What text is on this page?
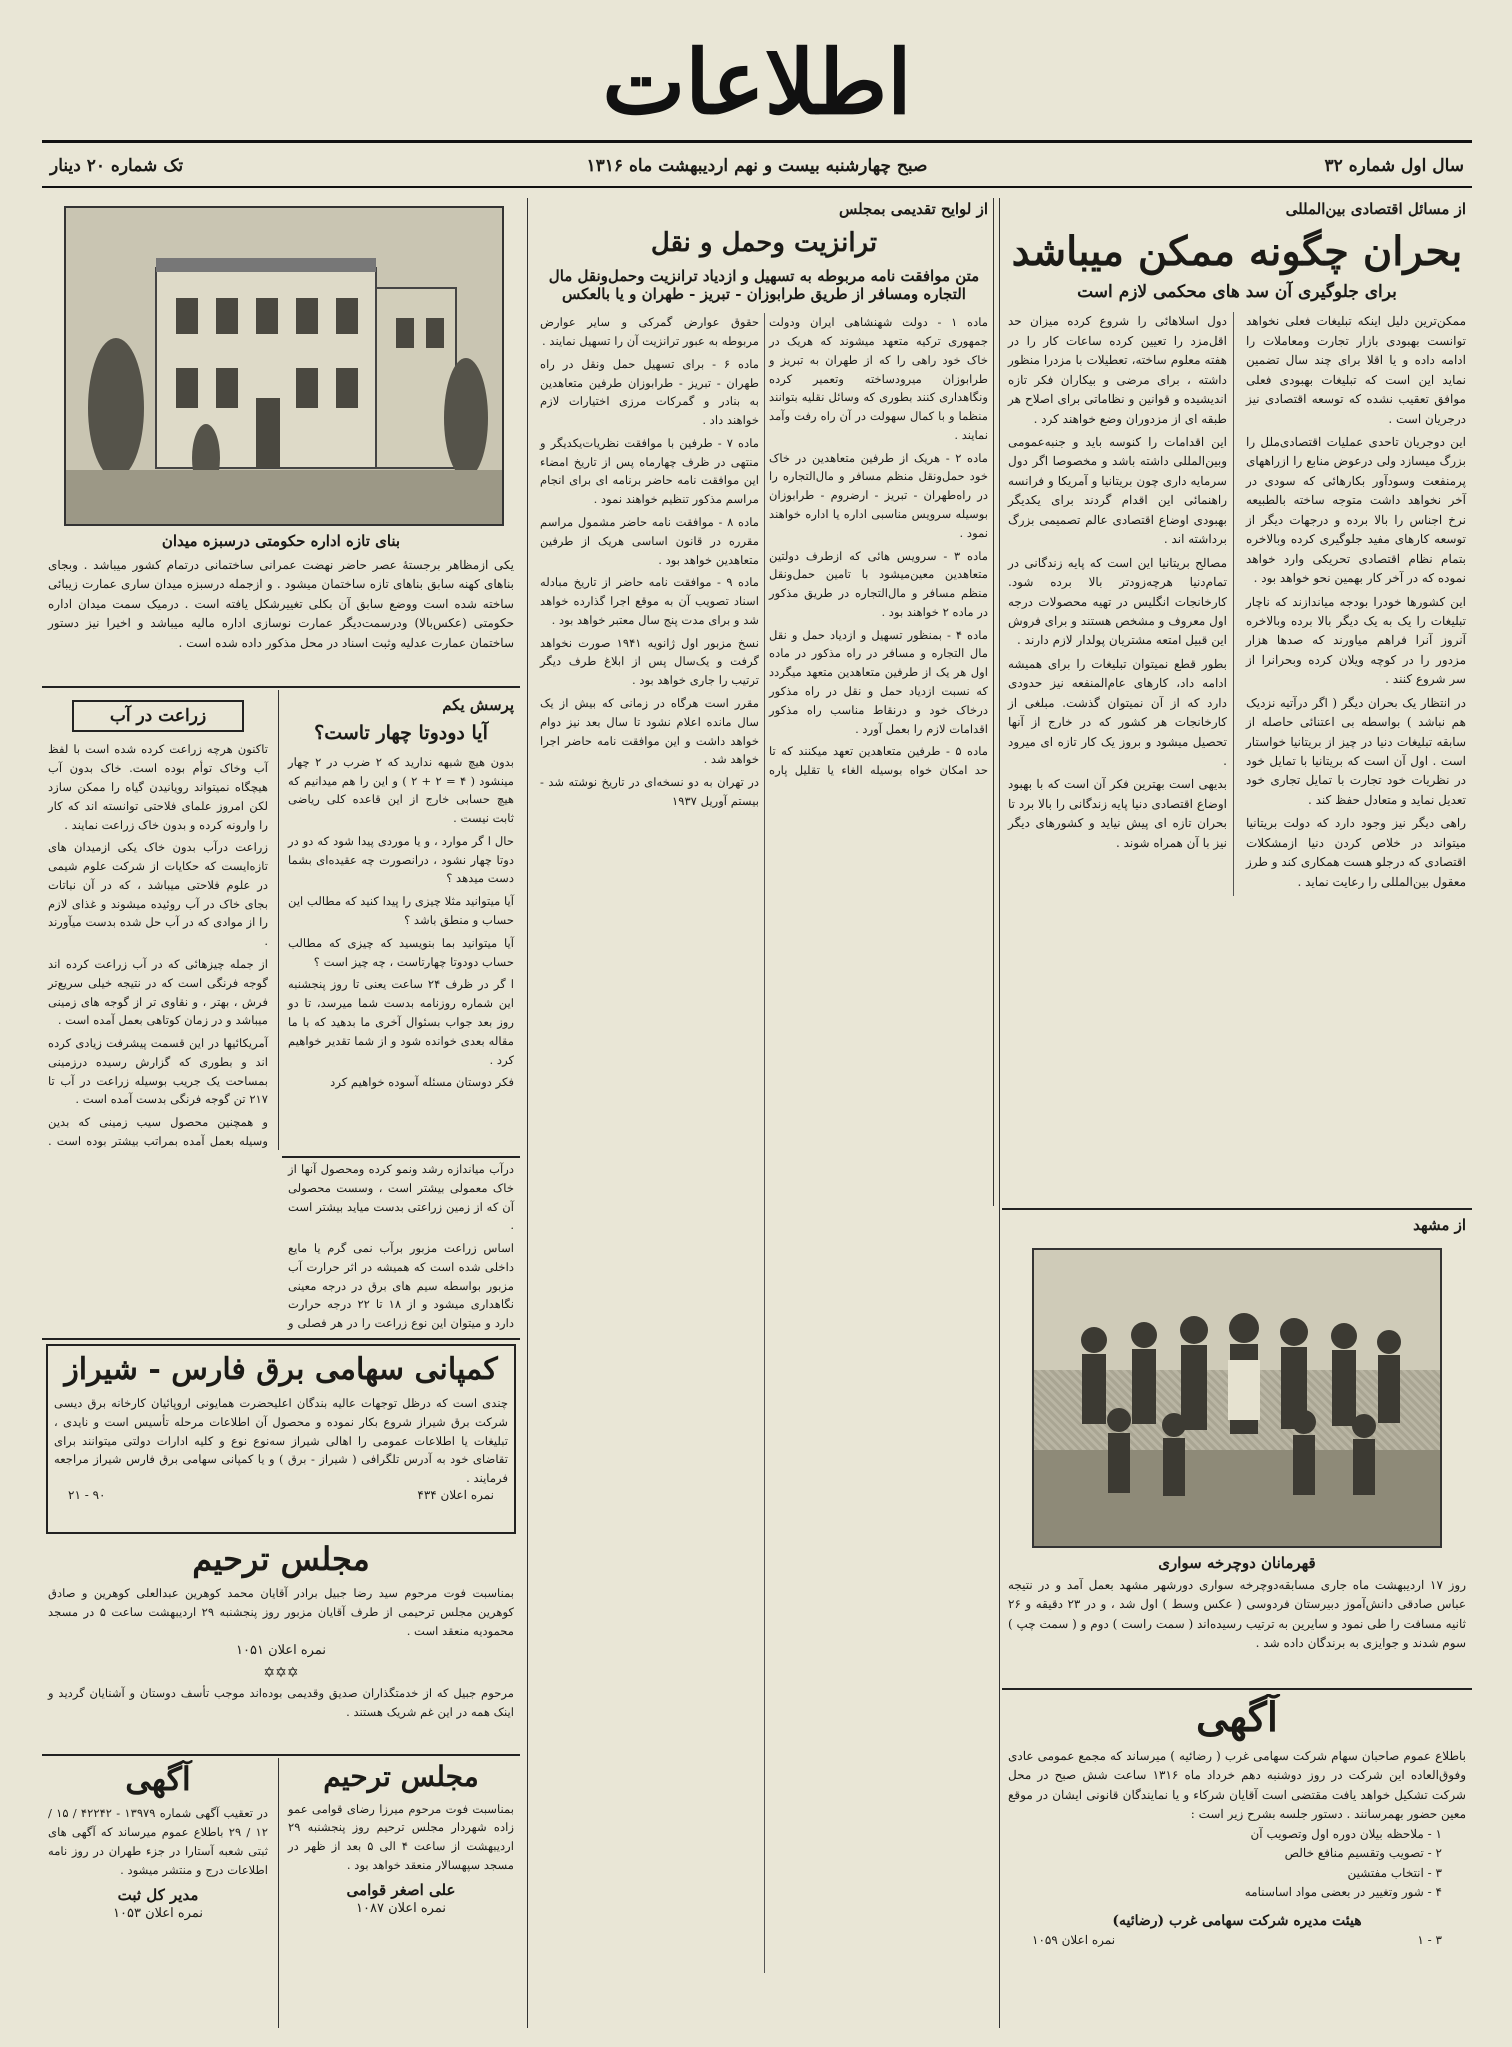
اطلاعات
سال اول شماره ۳۲
صبح چهارشنبه بیست و نهم اردیبهشت ماه ۱۳۱۶
تک شماره ۲۰ دینار
از مسائل اقتصادی بین‌المللی
بحران چگونه ممکن میباشد
برای جلوگیری آن سد های محکمی لازم است

ممکن‌ترین دلیل اینکه تبلیغات فعلی نخواهد توانست بهبودی بازار تجارت ومعاملات را ادامه داده و یا اقلا برای چند سال تضمین نماید این است که تبلیغات بهبودی فعلی موافق تعقیب نشده که توسعه اقتصادی نیز درجریان است .

این دوجریان تاحدی عملیات اقتصادی‌ملل را بزرگ میسازد ولی درعوض منابع را ازراههای پرمنفعت وسودآور بکارهائی که سودی در آخر نخواهد داشت متوجه ساخته بالطبیعه نرخ اجناس را بالا برده و درجهات دیگر از توسعه کارهای مفید جلوگیری کرده وبالاخره بتمام نظام اقتصادی تحریکی وارد خواهد نموده که در آخر کار بهمین نحو خواهد بود .

این کشورها خودرا بودجه میاندازند که ناچار تبلیغات را یک به یک دیگر بالا برده وبالاخره آنروز آنرا فراهم میاورند که صدها هزار مزدور را در کوچه ویلان کرده وبحرانرا از سر شروع کنند .

در انتظار یک بحران دیگر ( اگر درآتیه نزدیک هم نباشد ) بواسطه بی اعتنائی حاصله از سابقه تبلیغات دنیا در چیز از بریتانیا خواستار است . اول آن است که بریتانیا با تمایل خود در نظریات خود تجارت با تمایل تجاری خود تعدیل نماید و متعادل حفظ کند .

راهی دیگر نیز وجود دارد که دولت بریتانیا میتواند در خلاص کردن دنیا ازمشکلات اقتصادی که درجلو هست همکاری کند و طرز معقول بین‌المللی را رعایت نماید .

دول اسلاهائی را شروع کرده میزان حد اقل‌مزد را تعیین کرده ساعات کار را در هفته معلوم ساخته، تعطیلات با مزدرا منظور داشته ، برای مرضی و بیکاران فکر تازه اندیشیده و قوانین و نظاماتی برای اصلاح هر طبقه ای از مزدوران وضع خواهند کرد .

این اقدامات را کنوسه باید و جنبه‌عمومی وبین‌المللی داشته باشد و مخصوصا اگر دول سرمایه داری چون بریتانیا و آمریکا و فرانسه راهنمائی این اقدام گردند برای یکدیگر بهبودی اوضاع اقتصادی عالم تصمیمی بزرگ برداشته اند .

مصالح بریتانیا این است که پایه زندگانی در تمام‌دنیا هرچه‌زودتر بالا برده شود. کارخانجات انگلیس در تهیه محصولات درجه اول معروف و مشخص هستند و برای فروش این قبیل امتعه مشتریان پولدار لازم دارند .

بطور قطع نمیتوان تبلیغات را برای همیشه ادامه داد، کارهای عام‌المنفعه نیز حدودی دارد که از آن نمیتوان گذشت. مبلغی از کارخانجات هر کشور که در خارج از آنها تحصیل میشود و بروز یک کار تازه ای میرود .

بدیهی است بهترین فکر آن است که با بهبود اوضاع اقتصادی دنیا پایه زندگانی را بالا برد تا بحران تازه ای پیش نیاید و کشورهای دیگر نیز با آن همراه شوند .

از مشهد
قهرمانان دوچرخه سواری
روز ۱۷ اردیبهشت ماه جاری مسابقه‌دوچرخه سواری دورشهر مشهد بعمل آمد و در نتیجه عباس صادقی دانش‌آموز دبیرستان فردوسی ( عکس وسط ) اول شد ، و در ۲۳ دقیقه و ۲۶ ثانیه مسافت را طی نمود و سایرین به ترتیب رسیده‌اند ( سمت راست ) دوم و ( سمت چپ ) سوم شدند و جوایزی به برندگان داده شد .
آگهی
باطلاع عموم صاحبان سهام شرکت سهامی غرب ( رضائیه ) میرساند که مجمع عمومی عادی وفوق‌العاده این شرکت در روز دوشنبه دهم خرداد ماه ۱۳۱۶ ساعت شش صبح در محل شرکت تشکیل خواهد یافت مقتضی است آقایان شرکاء و یا نمایندگان قانونی ایشان در موقع معین حضور بهمرسانند . دستور جلسه بشرح زیر است :
۱ - ملاحظه بیلان دوره اول وتصویب آن
۲ - تصویب وتقسیم منافع خالص
۳ - انتخاب مفتشین
۴ - شور وتغییر در بعضی مواد اساسنامه
هیئت مدیره شرکت سهامی غرب (رضائیه)
۳ - ۱
نمره اعلان ۱۰۵۹
از لوایح تقدیمی بمجلس
ترانزیت وحمل و نقل
متن موافقت نامه مربوطه به تسهیل و ازدیاد ترانزیت وحمل‌ونقل مال التجاره ومسافر از طریق طرابوزان - تبریز - طهران و یا بالعکس

ماده ۱ - دولت شهنشاهی ایران ودولت جمهوری ترکیه متعهد میشوند که هریک در خاک خود راهی را که از طهران به تبریز و طرابوزان میرود‌ساخته وتعمیر کرده ونگاهداری کنند بطوری که وسائل نقلیه بتوانند منظما و با کمال سهولت در آن راه رفت وآمد نمایند .

ماده ۲ - هریک از طرفین متعاهدین در خاک خود حمل‌ونقل منظم مسافر و مال‌التجاره را در راه‌طهران - تبریز - ارضروم - طرابوزان بوسیله سرویس مناسبی اداره یا اداره خواهند نمود .

ماده ۳ - سرویس هائی که از‌طرف دولتین متعاهدین معین‌میشود با تامین حمل‌ونقل منظم مسافر و مال‌التجاره در طریق مذکور در ماده ۲ خواهند بود .

ماده ۴ - بمنظور تسهیل و ازدیاد حمل و نقل مال التجاره و مسافر در راه مذکور در ماده اول هر یک از طرفین متعاهدین متعهد میگردد که نسبت ازدیاد حمل و نقل در راه مذکور درخاک خود و درنقاط مناسب راه مذکور اقدامات لازم را بعمل آورد .

ماده ۵ - طرفین متعاهدین تعهد میکنند که تا حد امکان خواه بوسیله الغاء یا تقلیل پاره حقوق عوارض گمرکی و سایر عوارض مربوطه به عبور ترانزیت آن را تسهیل نمایند .

ماده ۶ - برای تسهیل حمل ونقل در راه طهران - تبریز - طرابوزان طرفین متعاهدین به بنادر و گمرکات مرزی اختیارات لازم خواهند داد .

ماده ۷ - طرفین با موافقت نظریات‌یکدیگر و منتهی در ظرف چهارماه پس از تاریخ امضاء این موافقت نامه حاضر برنامه ای برای انجام مراسم مذکور تنظیم خواهند نمود .

ماده ۸ - موافقت نامه حاضر مشمول مراسم مقرره در قانون اساسی هریک از طرفین متعاهدین خواهد بود .

ماده ۹ - موافقت نامه حاضر از تاریخ مبادله اسناد تصویب آن به موقع اجرا گذارده خواهد شد و برای مدت پنج سال معتبر خواهد بود .

نسخ مزبور اول ژانویه ۱۹۴۱ صورت نخواهد گرفت و یک‌سال پس از ابلاغ طرف دیگر ترتیب را جاری خواهد بود .

مقرر است هرگاه در زمانی که بیش از یک سال مانده اعلام نشود تا سال بعد نیز دوام خواهد داشت و این موافقت نامه حاضر اجرا خواهد شد .

در تهران به دو نسخه‌ای در تاریخ نوشته شد - بیستم آوریل ۱۹۳۷

بنای تازه اداره حکومتی درسبزه میدان
یکی ازمظاهر برجستهٔ عصر حاضر نهضت عمرانی ساختمانی درتمام کشور میباشد . وبجای بناهای کهنه سابق بناهای تازه ساختمان میشود . و ازجمله درسبزه میدان ساری عمارت زیبائی ساخته شده است ووضع سابق آن بکلی تغییرشکل یافته است . درمیک سمت میدان اداره حکومتی (عکس‌بالا) ودرسمت‌دیگر عمارت نوسازی اداره مالیه میباشد و اخیرا نیز دستور ساختمان عمارت عدلیه وثبت اسناد در محل مذکور داده شده است .
پرسش یکم
آیا دودوتا چهار تاست؟

بدون هیچ شبهه ندارید که ۲ ضرب در ۲ چهار مینشود ( ۴ = ۲ + ۲ ) و این را هم میدانیم که هیچ حسابی خارج از این قاعده کلی ریاضی ثابت نیست .

حال ا گر موارد ، و یا موردی پیدا شود که دو در دوتا چهار نشود ، درانصورت چه عقیده‌ای بشما دست میدهد ؟

آیا میتوانید مثلا چیزی را پیدا کنید که مطالب این حساب و منطق باشد ؟

آیا میتوانید بما بنویسید که چیزی که مطالب حساب دودوتا چهارتاست ، چه چیز است ؟

ا گر در ظرف ۲۴ ساعت یعنی تا روز پنجشنبه این شماره روزنامه بدست شما میرسد، تا دو روز بعد جواب بسئوال آخری ما بدهید که با ما مقاله بعدی خوانده شود و از شما تقدیر خواهیم کرد .

فکر دوستان مسئله آسوده خواهیم کرد

زراعت در آب

تاکنون هرچه زراعت کرده شده است با لفظ آب وخاک توأم بوده است. خاک بدون آب هیچگاه نمیتواند رویانیدن گیاه را ممکن سازد لکن امروز علمای فلاحتی توانسته اند که کار را وارونه کرده و بدون خاک زراعت نمایند .

زراعت درآب بدون خاک یکی ازمیدان های تازه‌ایست که حکایات از شرکت علوم شیمی در علوم فلاحتی میباشد ، که در آن نباتات بجای خاک در آب روئیده میشوند و غذای لازم را از موادی که در آب حل شده بدست میآورند .

از جمله چیزهائی که در آب زراعت کرده اند گوجه فرنگی است که در نتیجه خیلی سریع‌تر فرش ، بهتر ، و نقاوی تر از گوجه های زمینی میباشد و در زمان کوتاهی بعمل آمده است .

آمریکائیها در این قسمت پیشرفت زیادی کرده اند و بطوری که گزارش رسیده درزمینی بمساحت یک جریب بوسیله زراعت در آب تا ۲۱۷ تن گوجه فرنگی بدست آمده است .

و همچنین محصول سیب زمینی که بدین وسیله بعمل آمده بمراتب بیشتر بوده است .

درآب میاندازه رشد ونمو کرده ومحصول آنها از خاک معمولی بیشتر است ، وسست محصولی آن که از زمین زراعتی بدست میاید بیشتر است .

اساس زراعت مزبور برآب نمی گرم یا مایع داخلی شده است که همیشه در اثر حرارت آب مزبور بواسطه سیم های برق در درجه معینی نگاهداری میشود و از ۱۸ تا ۲۲ درجه حرارت دارد و میتوان این نوع زراعت را در هر فصلی و

کمپانی سهامی برق فارس - شیراز
چندی است که درظل توجهات عالیه بندگان اعلیحضرت همایونی اروپائیان کارخانه برق دیسی شرکت برق شیراز شروع بکار نموده و محصول آن اطلاعات مرحله تأسیس است و نایدی ، تبلیغات یا اطلاعات عمومی را اهالی شیراز سه‌نوع نوع و کلیه ادارات دولتی میتوانند برای تقاضای خود به آدرس تلگرافی ( شیراز - برق ) و یا کمپانی سهامی برق فارس شیراز مراجعه فرمایند .
نمره اعلان ۴۳۴
۹۰ - ۲۱
مجلس ترحیم
بمناسبت فوت مرحوم سید رضا جبیل برادر آقایان محمد کوهرین عبدالعلی کوهرین و صادق کوهرین مجلس ترحیمی از طرف آقایان مزبور روز پنجشنبه ۲۹ اردیبهشت ساعت ۵ در مسجد محمودیه منعقد است .
نمره اعلان ۱۰۵۱
✡✡✡
مرحوم جبیل که از خدمتگذاران صدیق وقدیمی بوده‌اند موجب تأسف دوستان و آشنایان گردید و اینک همه در این غم شریک هستند .
مجلس ترحیم
بمناسبت فوت مرحوم میرزا رضای قوامی عمو زاده شهردار مجلس ترحیم روز پنجشنبه ۲۹ اردیبهشت از ساعت ۴ الی ۵ بعد از ظهر در مسجد سپهسالار منعقد خواهد بود .
علی اصغر قوامی
نمره اعلان ۱۰۸۷
آگهی
در تعقیب آگهی شماره ۱۳۹۷۹ - ۴۲۲۴۲ / ۱۵ / ۱۲ / ۲۹ باطلاع عموم میرساند که آگهی های ثبتی شعبه آستارا در جزء طهران در روز نامه اطلاعات درج و منتشر میشود .
مدیر کل ثبت
نمره اعلان ۱۰۵۳
